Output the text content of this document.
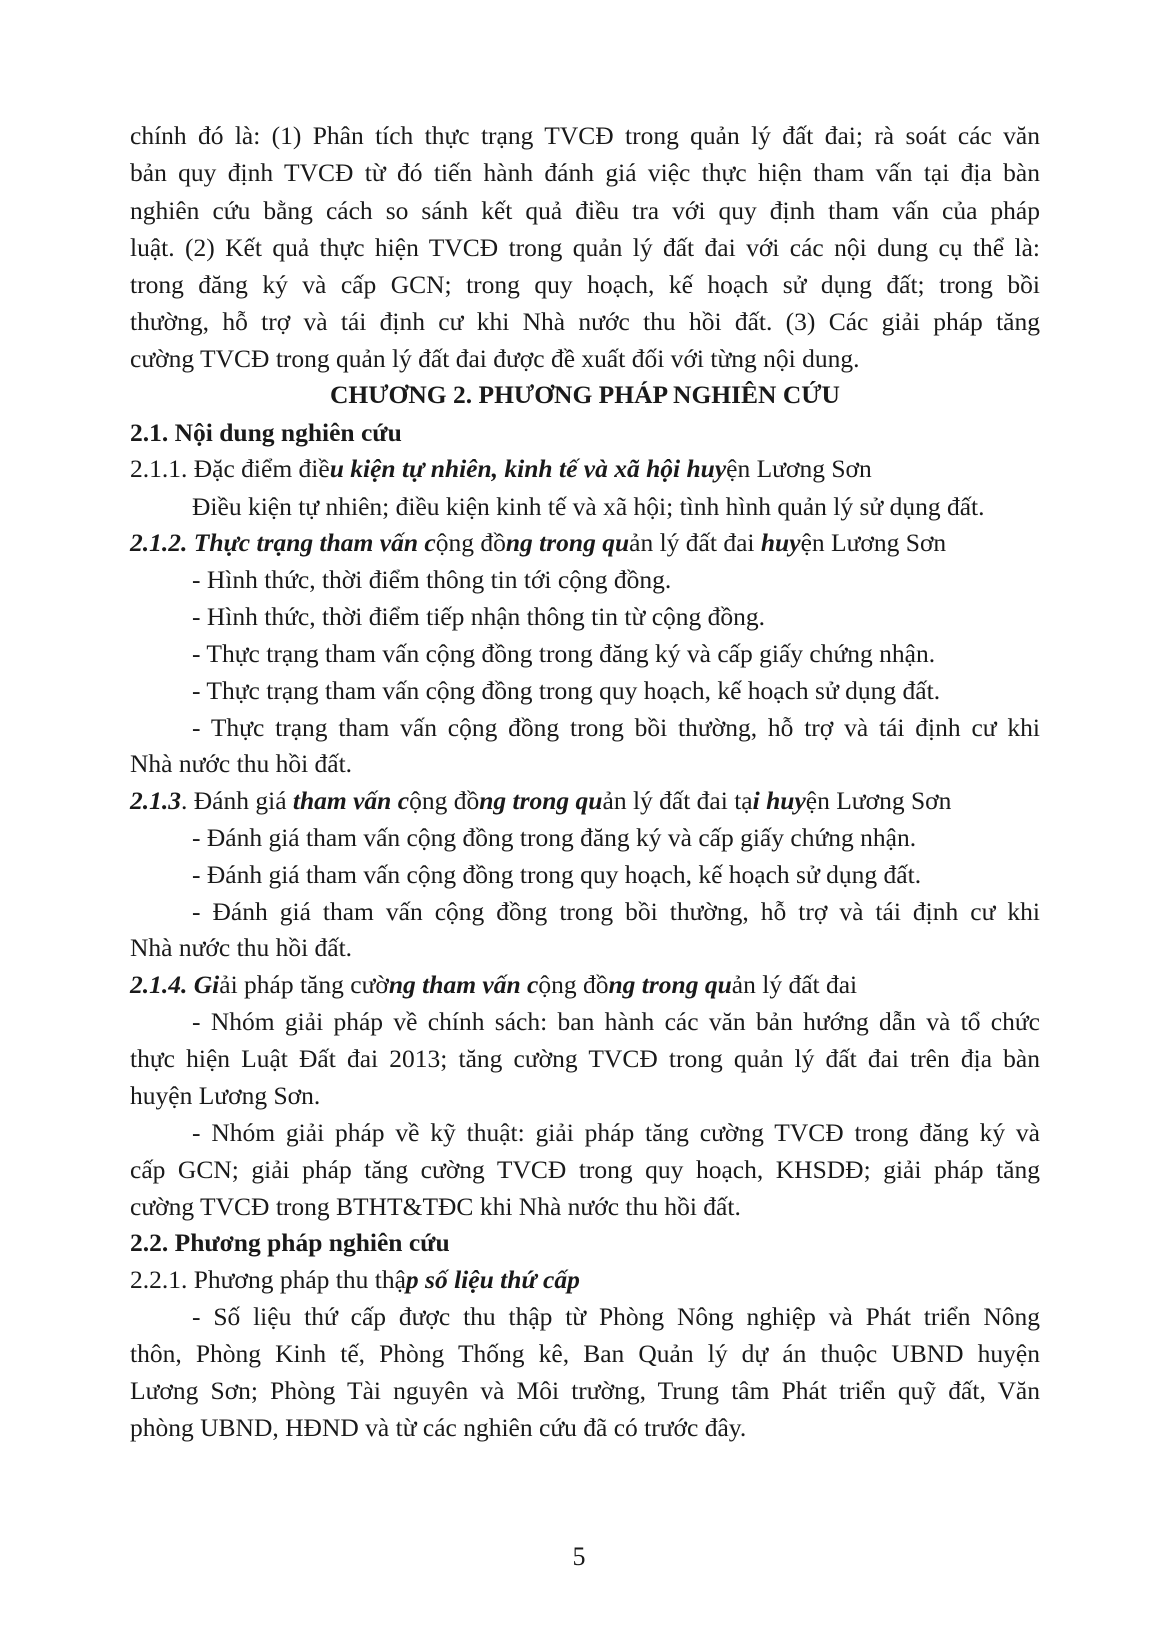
chính đó là: (1) Phân tích thực trạng TVCĐ trong quản lý đất đai; rà soát các văn
bản quy định TVCĐ từ đó tiến hành đánh giá việc thực hiện tham vấn tại địa bàn
nghiên cứu bằng cách so sánh kết quả điều tra với quy định tham vấn của pháp
luật. (2) Kết quả thực hiện TVCĐ trong quản lý đất đai với các nội dung cụ thể là:
trong đăng ký và cấp GCN; trong quy hoạch, kế hoạch sử dụng đất; trong bồi
thường, hỗ trợ và tái định cư khi Nhà nước thu hồi đất. (3) Các giải pháp tăng
cường TVCĐ trong quản lý đất đai được đề xuất đối với từng nội dung.
CHƯƠNG 2. PHƯƠNG PHÁP NGHIÊN CỨU
2.1. Nội dung nghiên cứu
2.1.1. Đặc điểm điều kiện tự nhiên, kinh tế và xã hội huyện Lương Sơn
Điều kiện tự nhiên; điều kiện kinh tế và xã hội; tình hình quản lý sử dụng đất.
2.1.2. Thực trạng tham vấn cộng đồng trong quản lý đất đai huyện Lương Sơn
- Hình thức, thời điểm thông tin tới cộng đồng.
- Hình thức, thời điểm tiếp nhận thông tin từ cộng đồng.
- Thực trạng tham vấn cộng đồng trong đăng ký và cấp giấy chứng nhận.
- Thực trạng tham vấn cộng đồng trong quy hoạch, kế hoạch sử dụng đất.
- Thực trạng tham vấn cộng đồng trong bồi thường, hỗ trợ và tái định cư khi
Nhà nước thu hồi đất.
2.1.3. Đánh giá tham vấn cộng đồng trong quản lý đất đai tại huyện Lương Sơn
- Đánh giá tham vấn cộng đồng trong đăng ký và cấp giấy chứng nhận.
- Đánh giá tham vấn cộng đồng trong quy hoạch, kế hoạch sử dụng đất.
- Đánh giá tham vấn cộng đồng trong bồi thường, hỗ trợ và tái định cư khi
Nhà nước thu hồi đất.
2.1.4. Giải pháp tăng cường tham vấn cộng đồng trong quản lý đất đai
- Nhóm giải pháp về chính sách: ban hành các văn bản hướng dẫn và tổ chức
thực hiện Luật Đất đai 2013; tăng cường TVCĐ trong quản lý đất đai trên địa bàn
huyện Lương Sơn.
- Nhóm giải pháp về kỹ thuật: giải pháp tăng cường TVCĐ trong đăng ký và
cấp GCN; giải pháp tăng cường TVCĐ trong quy hoạch, KHSDĐ; giải pháp tăng
cường TVCĐ trong BTHT&TĐC khi Nhà nước thu hồi đất.
2.2. Phương pháp nghiên cứu
2.2.1. Phương pháp thu thập số liệu thứ cấp
- Số liệu thứ cấp được thu thập từ Phòng Nông nghiệp và Phát triển Nông
thôn, Phòng Kinh tế, Phòng Thống kê, Ban Quản lý dự án thuộc UBND huyện
Lương Sơn; Phòng Tài nguyên và Môi trường, Trung tâm Phát triển quỹ đất, Văn
phòng UBND, HĐND và từ các nghiên cứu đã có trước đây.
5
